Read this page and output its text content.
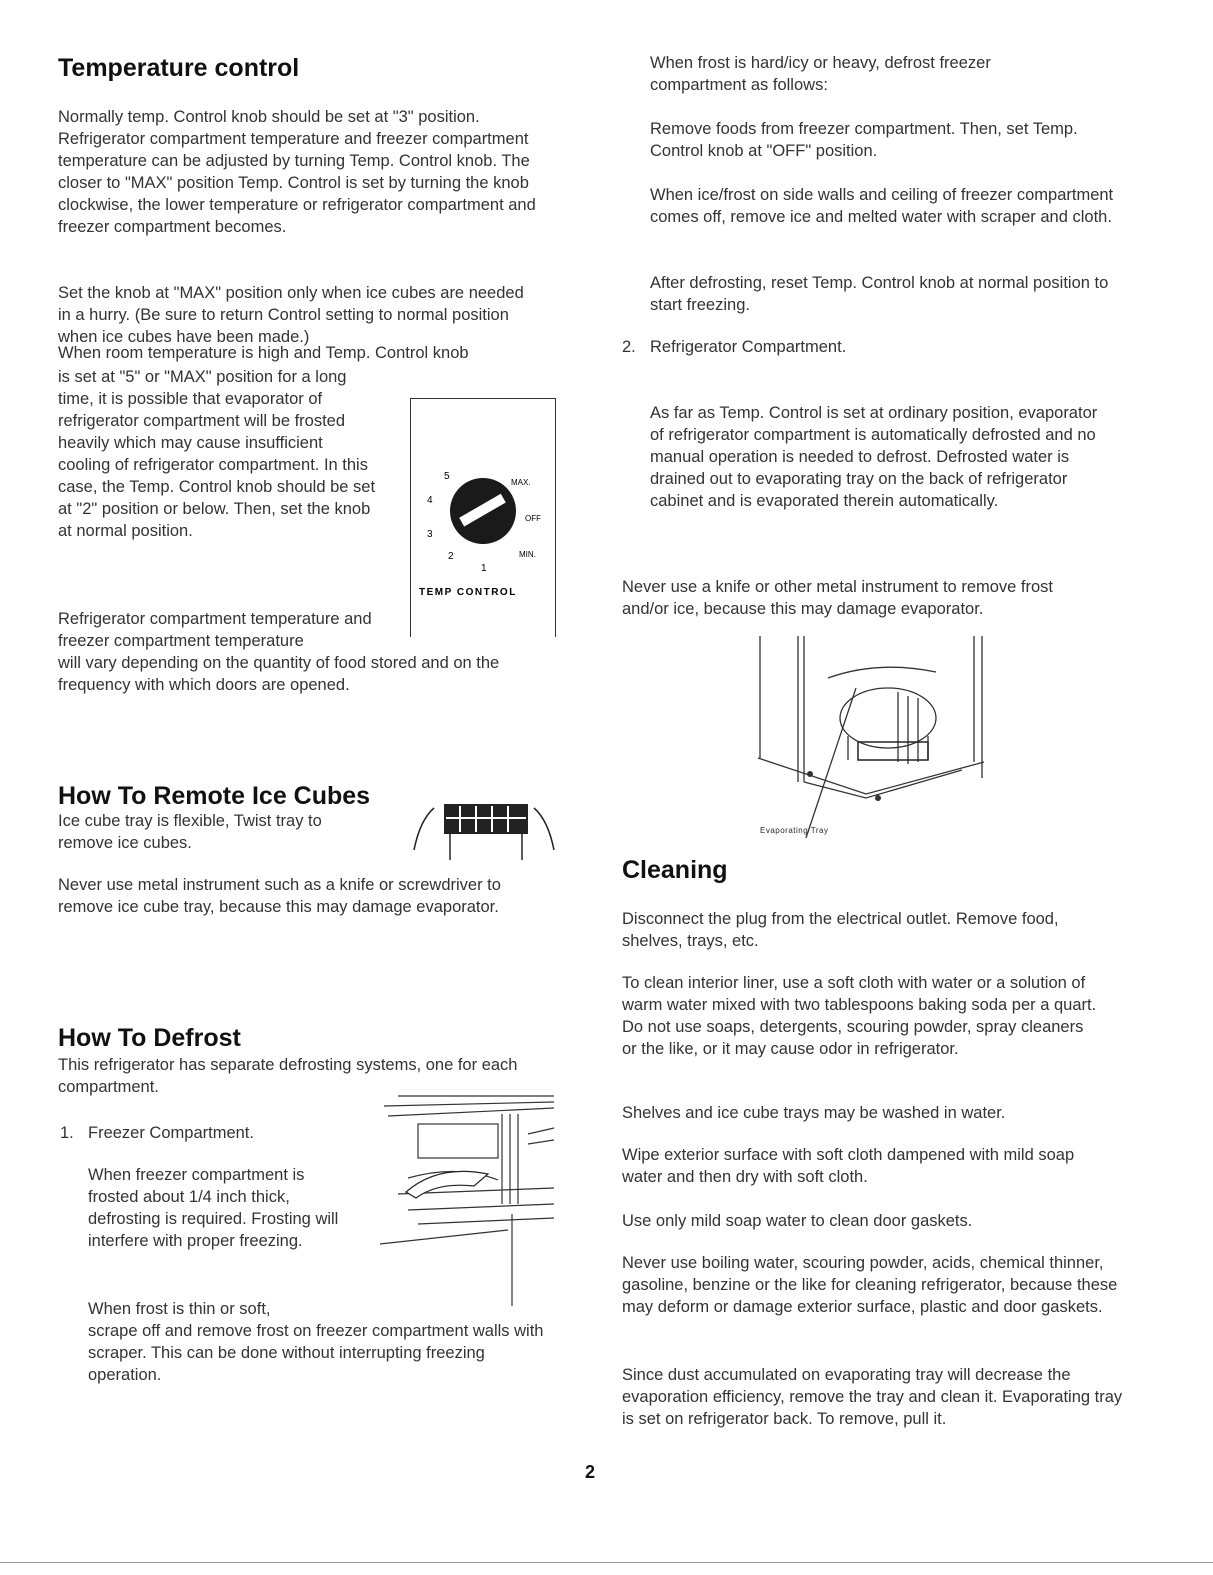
Temperature control

Normally temp. Control knob should be set at "3" position. Refrigerator compartment temperature and freezer compartment temperature can be adjusted by turning Temp. Control knob. The closer to "MAX" position Temp. Control is set by turning the knob clockwise, the lower temperature or refrigerator compartment and freezer compartment becomes.

Set the knob at "MAX" position only when ice cubes are needed in a hurry. (Be sure to return Control setting to normal position when ice cubes have been made.)

When room temperature is high and Temp. Control knob

is set at "5" or "MAX" position for a long time, it is possible that evaporator of refrigerator compartment will be frosted heavily which may cause insufficient cooling of refrigerator compartment. In this case, the Temp. Control knob should be set at "2" position or below. Then, set the knob at normal position.

Refrigerator compartment temperature and freezer compartment temperature

will vary depending on the quantity of food stored and on the frequency with which doors are opened.

5
MAX.
4
OFF
3
2
1
MIN.
TEMP CONTROL
How To Remote Ice Cubes

Ice cube tray is flexible, Twist tray to remove ice cubes.

Never use metal instrument such as a knife or screwdriver to remove ice cube tray, because this may damage evaporator.

How To Defrost

This refrigerator has separate defrosting systems, one for each compartment.

1. Freezer Compartment.

When freezer compartment is frosted about 1/4 inch thick, defrosting is required. Frosting will interfere with proper freezing.

When frost is thin or soft,

scrape off and remove frost on freezer compartment walls with scraper. This can be done without interrupting freezing operation.

When frost is hard/icy or heavy, defrost freezer compartment as follows:

Remove foods from freezer compartment. Then, set Temp. Control knob at "OFF" position.

When ice/frost on side walls and ceiling of freezer compartment comes off, remove ice and melted water with scraper and cloth.

After defrosting, reset Temp. Control knob at normal position to start freezing.

2. Refrigerator Compartment.

As far as Temp. Control is set at ordinary position, evaporator of refrigerator compartment is automatically defrosted and no manual operation is needed to defrost. Defrosted water is drained out to evaporating tray on the back of refrigerator cabinet and is evaporated therein automatically.

Never use a knife or other metal instrument to remove frost and/or ice, because this may damage evaporator.

Evaporating Tray
Cleaning

Disconnect the plug from the electrical outlet. Remove food, shelves, trays, etc.

To clean interior liner, use a soft cloth with water or a solution of warm water mixed with two tablespoons baking soda per a quart. Do not use soaps, detergents, scouring powder, spray cleaners or the like, or it may cause odor in refrigerator.

Shelves and ice cube trays may be washed in water.

Wipe exterior surface with soft cloth dampened with mild soap water and then dry with soft cloth.

Use only mild soap water to clean door gaskets.

Never use boiling water, scouring powder, acids, chemical thinner, gasoline, benzine or the like for cleaning refrigerator, because these may deform or damage exterior surface, plastic and door gaskets.

Since dust accumulated on evaporating tray will decrease the evaporation efficiency, remove the tray and clean it. Evaporating tray is set on refrigerator back. To remove, pull it.

2
